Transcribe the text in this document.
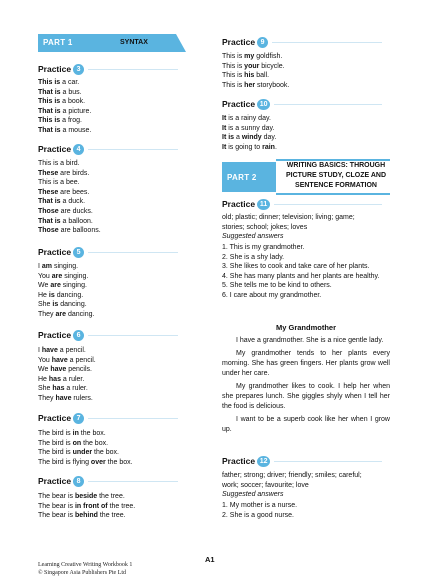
PART 1	SYNTAX
Practice 3
This is a car.
That is a bus.
This is a book.
That is a picture.
This is a frog.
That is a mouse.
Practice 4
This is a bird.
These are birds.
This is a bee.
These are bees.
That is a duck.
Those are ducks.
That is a balloon.
Those are balloons.
Practice 5
I am singing.
You are singing.
We are singing.
He is dancing.
She is dancing.
They are dancing.
Practice 6
I have a pencil.
You have a pencil.
We have pencils.
He has a ruler.
She has a ruler.
They have rulers.
Practice 7
The bird is in the box.
The bird is on the box.
The bird is under the box.
The bird is flying over the box.
Practice 8
The bear is beside the tree.
The bear is in front of the tree.
The bear is behind the tree.
Practice 9
This is my goldfish.
This is your bicycle.
This is his ball.
This is her storybook.
Practice 10
It is a rainy day.
It is a sunny day.
It is a windy day.
It is going to rain.
PART 2
WRITING BASICS: THROUGH
PICTURE STUDY, CLOZE AND
SENTENCE FORMATION
Practice 11
old; plastic; dinner; television; living; game;
stories; school; jokes; loves
Suggested answers
1. This is my grandmother.
2. She is a shy lady.
3. She likes to cook and take care of her plants.
4. She has many plants and her plants are healthy.
5. She tells me to be kind to others.
6. I care about my grandmother.
My Grandmother

I have a grandmother. She is a nice gentle lady.

My grandmother tends to her plants every morning. She has green fingers. Her plants grow well under her care.

My grandmother likes to cook. I help her when she prepares lunch. She giggles shyly when I tell her the food is delicious.

I want to be a superb cook like her when I grow up.

Practice 12
father; strong; driver; friendly; smiles; careful;
work; soccer; favourite; love
Suggested answers
1. My mother is a nurse.
2. She is a good nurse.
A1
Learning Creative Writing Workbook 1
© Singapore Asia Publishers Pte Ltd
